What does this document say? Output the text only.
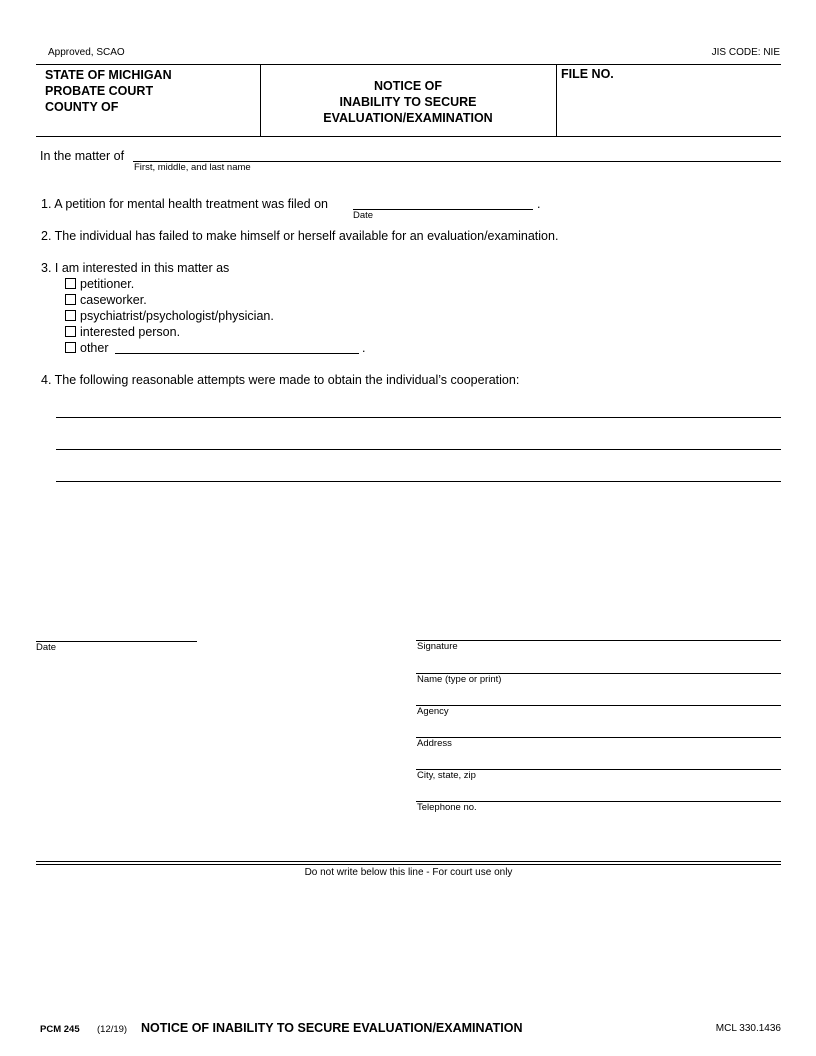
Approved, SCAO	JIS CODE: NIE
STATE OF MICHIGAN
PROBATE COURT
COUNTY OF
NOTICE OF
INABILITY TO SECURE
EVALUATION/EXAMINATION
FILE NO.
In the matter of
First, middle, and last name
1. A petition for mental health treatment was filed on	.
Date
2. The individual has failed to make himself or herself available for an evaluation/examination.
3. I am interested in this matter as
petitioner.
caseworker.
psychiatrist/psychologist/physician.
interested person.
other	.
4. The following reasonable attempts were made to obtain the individual’s cooperation:
Date	Signature
Name (type or print)
Agency
Address
City, state, zip
Telephone no.
Do not write below this line - For court use only
PCM 245 (12/19) NOTICE OF INABILITY TO SECURE EVALUATION/EXAMINATION	MCL 330.1436
